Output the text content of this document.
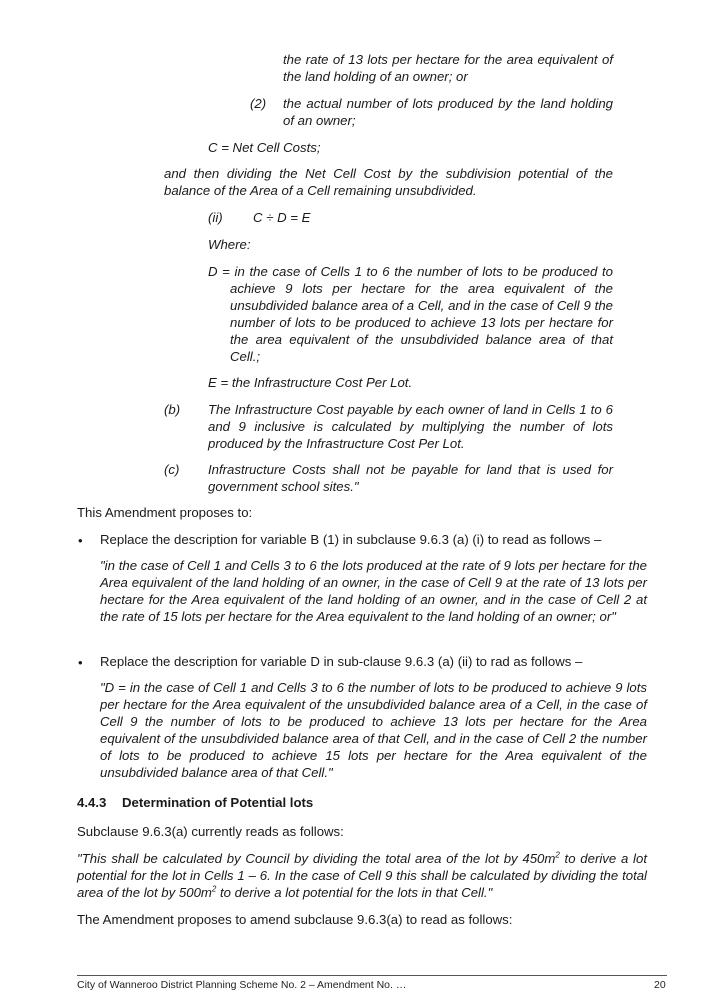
the rate of 13 lots per hectare for the area equivalent of the land holding of an owner; or
(2) the actual number of lots produced by the land holding of an owner;
C = Net Cell Costs;
and then dividing the Net Cell Cost by the subdivision potential of the balance of the Area of a Cell remaining unsubdivided.
(ii) C ÷ D = E
Where:
D = in the case of Cells 1 to 6 the number of lots to be produced to achieve 9 lots per hectare for the area equivalent of the unsubdivided balance area of a Cell, and in the case of Cell 9 the number of lots to be produced to achieve 13 lots per hectare for the area equivalent of the unsubdivided balance area of that Cell.;
E = the Infrastructure Cost Per Lot.
(b) The Infrastructure Cost payable by each owner of land in Cells 1 to 6 and 9 inclusive is calculated by multiplying the number of lots produced by the Infrastructure Cost Per Lot.
(c) Infrastructure Costs shall not be payable for land that is used for government school sites."
This Amendment proposes to:
•
Replace the description for variable B (1) in subclause 9.6.3 (a) (i) to read as follows –
"in the case of Cell 1 and Cells 3 to 6 the lots produced at the rate of 9 lots per hectare for the Area equivalent of the land holding of an owner, in the case of Cell 9 at the rate of 13 lots per hectare for the Area equivalent of the land holding of an owner, and in the case of Cell 2 at the rate of 15 lots per hectare for the Area equivalent to the land holding of an owner; or"
•
Replace the description for variable D in sub-clause 9.6.3 (a) (ii) to rad as follows –
"D = in the case of Cell 1 and Cells 3 to 6 the number of lots to be produced to achieve 9 lots per hectare for the Area equivalent of the unsubdivided balance area of a Cell, in the case of Cell 9 the number of lots to be produced to achieve 13 lots per hectare for the Area equivalent of the unsubdivided balance area of that Cell, and in the case of Cell 2 the number of lots to be produced to achieve 15 lots per hectare for the Area equivalent of the unsubdivided balance area of that Cell."
4.4.3 Determination of Potential lots
Subclause 9.6.3(a) currently reads as follows:
"This shall be calculated by Council by dividing the total area of the lot by $450m^2$ to derive a lot potential for the lot in Cells 1 – 6. In the case of Cell 9 this shall be calculated by dividing the total area of the lot by $500m^2$ to derive a lot potential for the lots in that Cell."
The Amendment proposes to amend subclause 9.6.3(a) to read as follows:
City of Wanneroo District Planning Scheme No. 2 – Amendment No. …	20
